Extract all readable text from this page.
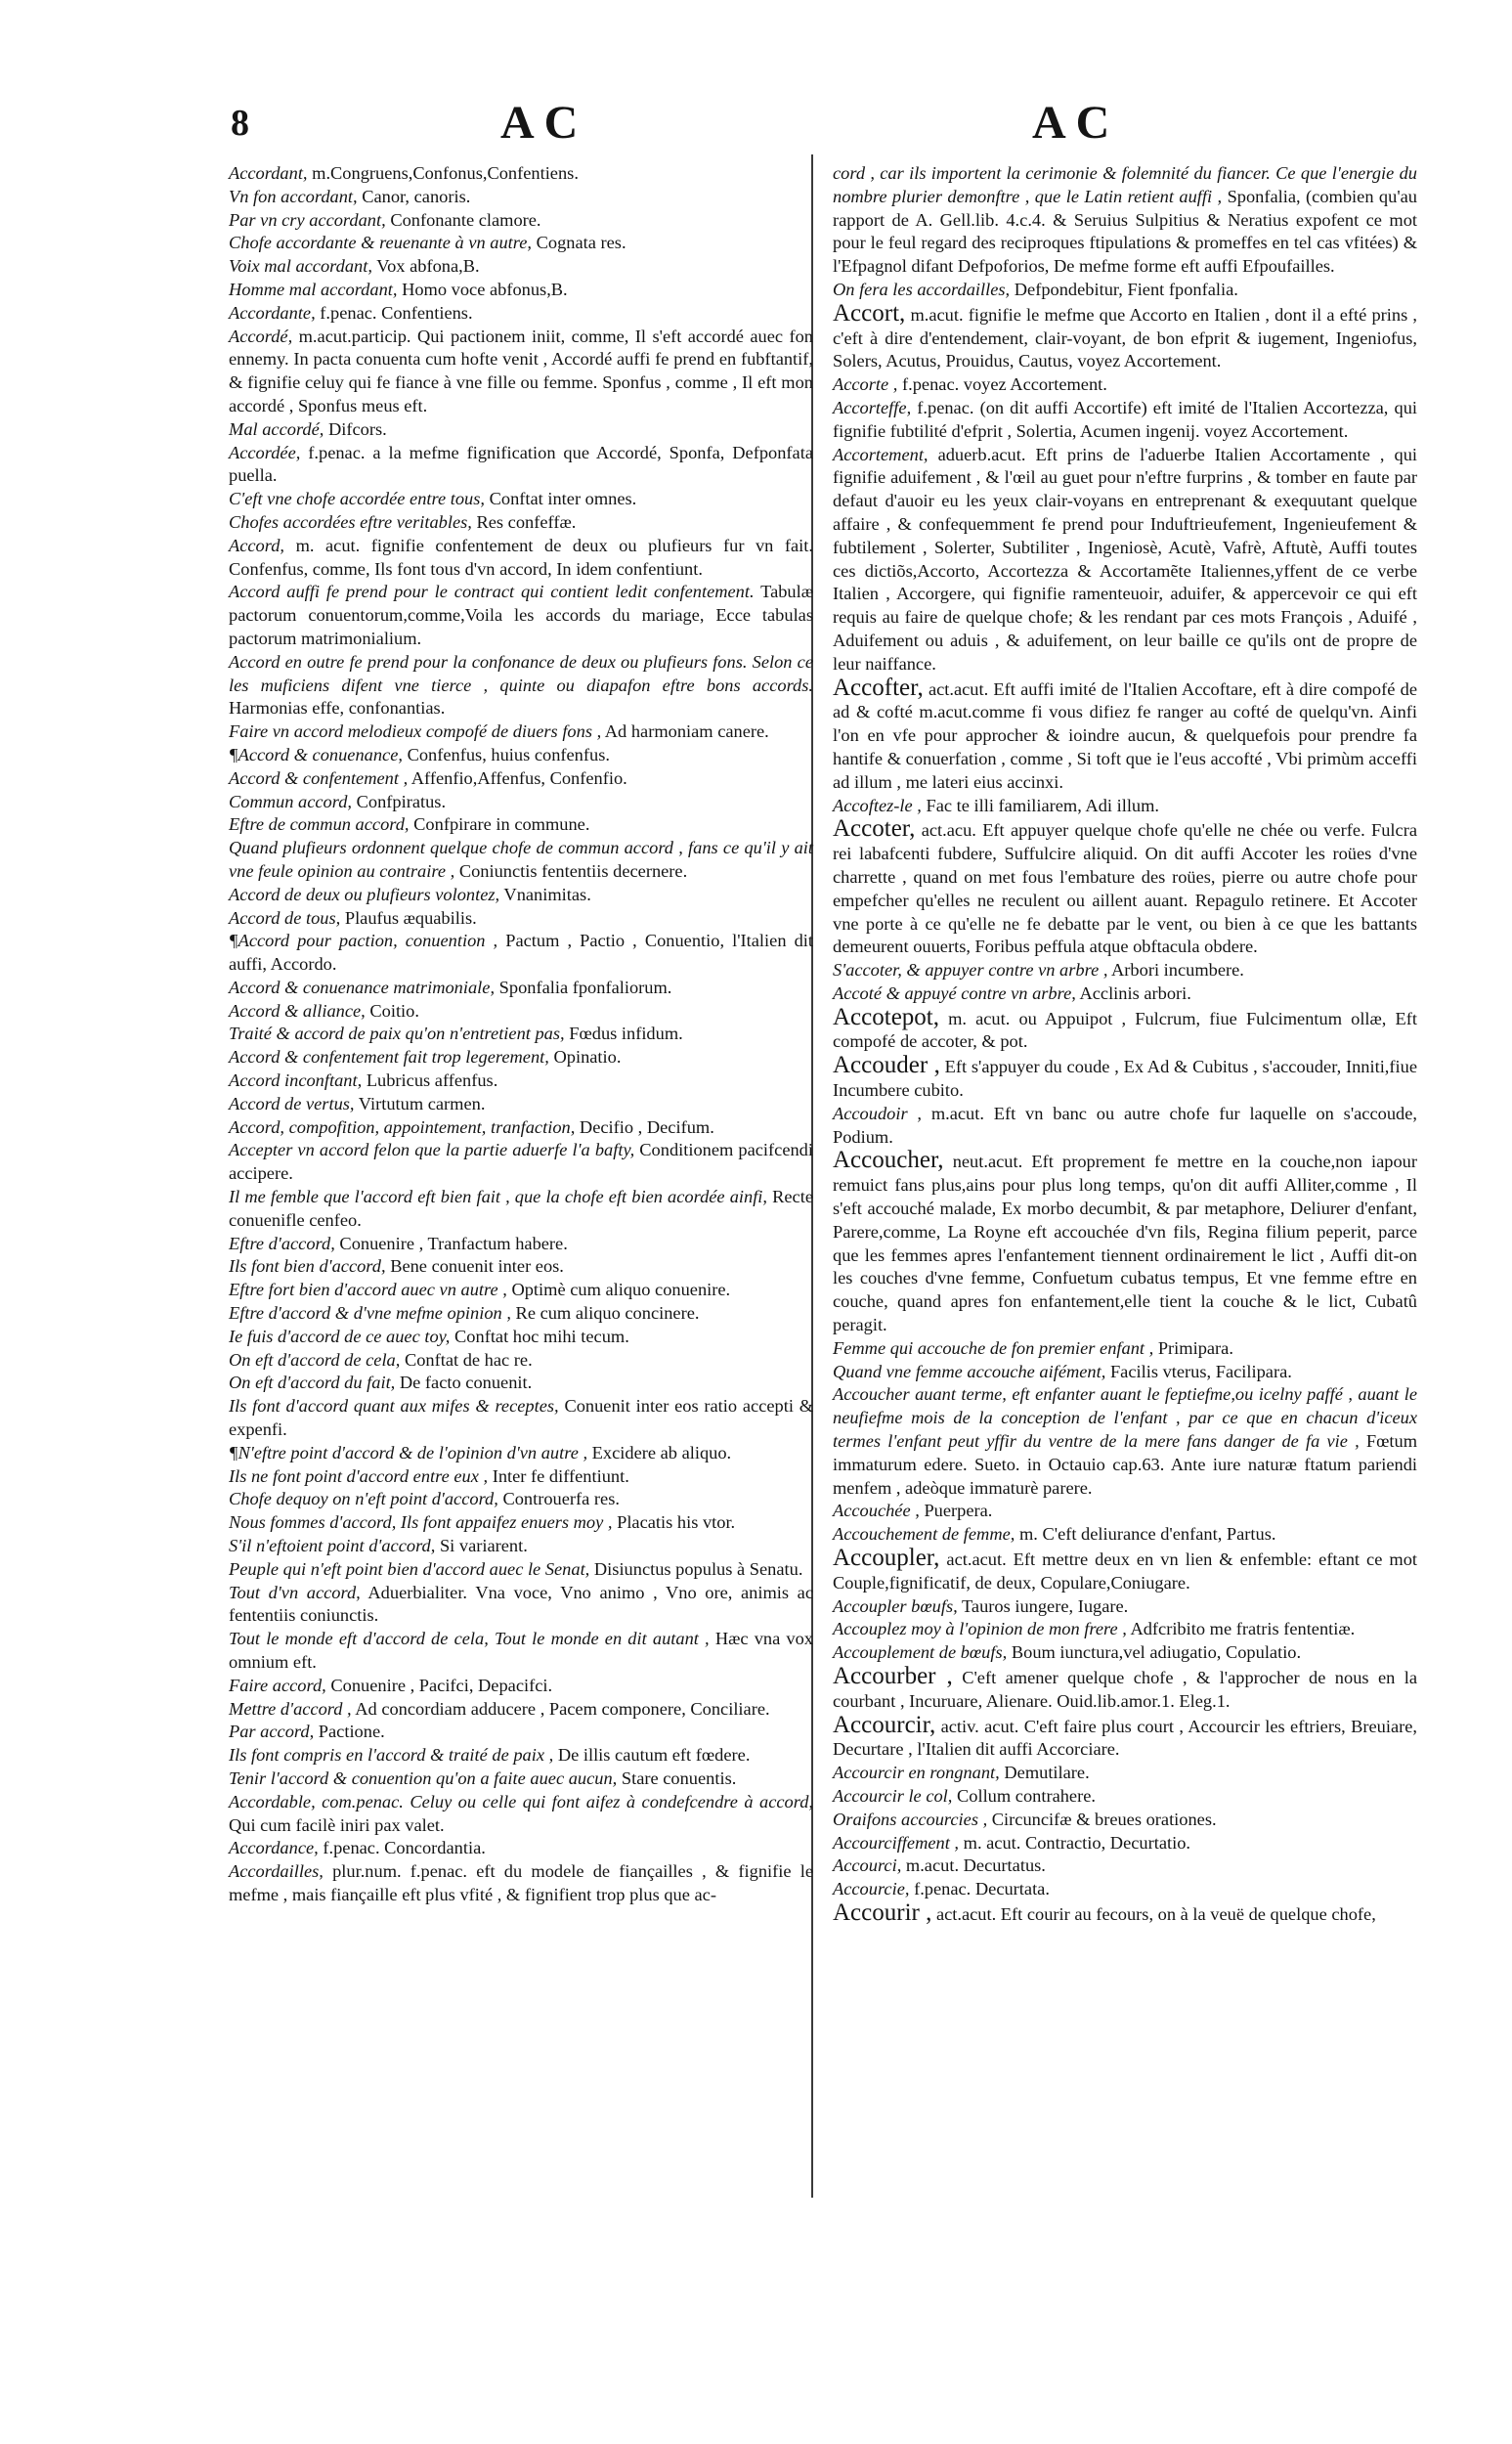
8	AC	AC

Accordant, m.Congruens,Confonus,Confentiens.

Vn fon accordant, Canor, canoris.

Par vn cry accordant, Confonante clamore.

Chofe accordante & reuenante à vn autre, Cognata res.

Voix mal accordant, Vox abfona,B.

Homme mal accordant, Homo voce abfonus,B.

Accordante, f.penac. Confentiens.

Accordé, m.acut.particip. Qui pactionem iniit, comme, Il s'eft accordé auec fon ennemy. In pacta conuenta cum hofte venit , Accordé auffi fe prend en fubftantif, & fignifie celuy qui fe fiance à vne fille ou femme. Sponfus , comme , Il eft mon accordé , Sponfus meus eft.

Mal accordé, Difcors.

Accordée, f.penac. a la mefme fignification que Accordé, Sponfa, Defponfata puella.

C'eft vne chofe accordée entre tous, Conftat inter omnes.

Chofes accordées eftre veritables, Res confeffæ.

Accord, m. acut. fignifie confentement de deux ou plufieurs fur vn fait. Confenfus, comme, Ils font tous d'vn accord, In idem confentiunt.

Accord auffi fe prend pour le contract qui contient ledit confentement. Tabulæ pactorum conuentorum,comme,Voila les accords du mariage, Ecce tabulas pactorum matrimonialium.

Accord en outre fe prend pour la confonance de deux ou plufieurs fons. Selon ce les muficiens difent vne tierce , quinte ou diapafon eftre bons accords. Harmonias effe, confonantias.

Faire vn accord melodieux compofé de diuers fons , Ad harmoniam canere.

¶Accord & conuenance, Confenfus, huius confenfus.

Accord & confentement , Affenfio,Affenfus, Confenfio.

Commun accord, Confpiratus.

Eftre de commun accord, Confpirare in commune.

Quand plufieurs ordonnent quelque chofe de commun accord , fans ce qu'il y ait vne feule opinion au contraire , Coniunctis fententiis decernere.

Accord de deux ou plufieurs volontez, Vnanimitas.

Accord de tous, Plaufus æquabilis.

¶Accord pour paction, conuention , Pactum , Pactio , Conuentio, l'Italien dit auffi, Accordo.

Accord & conuenance matrimoniale, Sponfalia fponfaliorum.

Accord & alliance, Coitio.

Traité & accord de paix qu'on n'entretient pas, Fœdus infidum.

Accord & confentement fait trop legerement, Opinatio.

Accord inconftant, Lubricus affenfus.

Accord de vertus, Virtutum carmen.

Accord, compofition, appointement, tranfaction, Decifio , Decifum.

Accepter vn accord felon que la partie aduerfe l'a bafty, Conditionem pacifcendi accipere.

Il me femble que l'accord eft bien fait , que la chofe eft bien acordée ainfi, Recte conuenifle cenfeo.

Eftre d'accord, Conuenire , Tranfactum habere.

Ils font bien d'accord, Bene conuenit inter eos.

Eftre fort bien d'accord auec vn autre , Optimè cum aliquo conuenire.

Eftre d'accord & d'vne mefme opinion , Re cum aliquo concinere.

Ie fuis d'accord de ce auec toy, Conftat hoc mihi tecum.

On eft d'accord de cela, Conftat de hac re.

On eft d'accord du fait, De facto conuenit.

Ils font d'accord quant aux mifes & receptes, Conuenit inter eos ratio accepti & expenfi.

¶N'eftre point d'accord & de l'opinion d'vn autre , Excidere ab aliquo.

Ils ne font point d'accord entre eux , Inter fe diffentiunt.

Chofe dequoy on n'eft point d'accord, Controuerfa res.

Nous fommes d'accord, Ils font appaifez enuers moy , Placatis his vtor.

S'il n'eftoient point d'accord, Si variarent.

Peuple qui n'eft point bien d'accord auec le Senat, Disiunctus populus à Senatu.

Tout d'vn accord, Aduerbialiter. Vna voce, Vno animo , Vno ore, animis ac fententiis coniunctis.

Tout le monde eft d'accord de cela, Tout le monde en dit autant , Hæc vna vox omnium eft.

Faire accord, Conuenire , Pacifci, Depacifci.

Mettre d'accord , Ad concordiam adducere , Pacem componere, Conciliare.

Par accord, Pactione.

Ils font compris en l'accord & traité de paix , De illis cautum eft fœdere.

Tenir l'accord & conuention qu'on a faite auec aucun, Stare conuentis.

Accordable, com.penac. Celuy ou celle qui font aifez à condefcendre à accord, Qui cum facilè iniri pax valet.

Accordance, f.penac. Concordantia.

Accordailles, plur.num. f.penac. eft du modele de fiançailles , & fignifie le mefme , mais fiançaille eft plus vfité , & fignifient trop plus que ac-

cord , car ils importent la cerimonie & folemnité du fiancer. Ce que l'energie du nombre plurier demonftre , que le Latin retient auffi , Sponfalia, (combien qu'au rapport de A. Gell.lib. 4.c.4. & Seruius Sulpitius & Neratius expofent ce mot pour le feul regard des reciproques ftipulations & promeffes en tel cas vfitées) & l'Efpagnol difant Defpoforios, De mefme forme eft auffi Efpoufailles.

On fera les accordailles, Defpondebitur, Fient fponfalia.

Accort, m.acut. fignifie le mefme que Accorto en Italien , dont il a efté prins , c'eft à dire d'entendement, clair-voyant, de bon efprit & iugement, Ingeniofus, Solers, Acutus, Prouidus, Cautus, voyez Accortement.

Accorte , f.penac. voyez Accortement.

Accorteffe, f.penac. (on dit auffi Accortife) eft imité de l'Italien Accortezza, qui fignifie fubtilité d'efprit , Solertia, Acumen ingenij. voyez Accortement.

Accortement, aduerb.acut. Eft prins de l'aduerbe Italien Accortamente , qui fignifie aduifement , & l'œil au guet pour n'eftre furprins , & tomber en faute par defaut d'auoir eu les yeux clair-voyans en entreprenant & exequutant quelque affaire , & confequemment fe prend pour Induftrieufement, Ingenieufement & fubtilement , Solerter, Subtiliter , Ingeniosè, Acutè, Vafrè, Aftutè, Auffi toutes ces dictiõs,Accorto, Accortezza & Accortamẽte Italiennes,yffent de ce verbe Italien , Accorgere, qui fignifie ramenteuoir, aduifer, & appercevoir ce qui eft requis au faire de quelque chofe; & les rendant par ces mots François , Aduifé , Aduifement ou aduis , & aduifement, on leur baille ce qu'ils ont de propre de leur naiffance.

Accofter, act.acut. Eft auffi imité de l'Italien Accoftare, eft à dire compofé de ad & cofté m.acut.comme fi vous difiez fe ranger au cofté de quelqu'vn. Ainfi l'on en vfe pour approcher & ioindre aucun, & quelquefois pour prendre fa hantife & conuerfation , comme , Si toft que ie l'eus accofté , Vbi primùm acceffi ad illum , me lateri eius accinxi.

Accoftez-le , Fac te illi familiarem, Adi illum.

Accoter, act.acu. Eft appuyer quelque chofe qu'elle ne chée ou verfe. Fulcra rei labafcenti fubdere, Suffulcire aliquid. On dit auffi Accoter les roües d'vne charrette , quand on met fous l'embature des roües, pierre ou autre chofe pour empefcher qu'elles ne reculent ou aillent auant. Repagulo retinere. Et Accoter vne porte à ce qu'elle ne fe debatte par le vent, ou bien à ce que les battants demeurent ouuerts, Foribus peffula atque obftacula obdere.

S'accoter, & appuyer contre vn arbre , Arbori incumbere.

Accoté & appuyé contre vn arbre, Acclinis arbori.

Accotepot, m. acut. ou Appuipot , Fulcrum, fiue Fulcimentum ollæ, Eft compofé de accoter, & pot.

Accouder , Eft s'appuyer du coude , Ex Ad & Cubitus , s'accouder, Inniti,fiue Incumbere cubito.

Accoudoir , m.acut. Eft vn banc ou autre chofe fur laquelle on s'accoude, Podium.

Accoucher, neut.acut. Eft proprement fe mettre en la couche,non iapour remuict fans plus,ains pour plus long temps, qu'on dit auffi Alliter,comme , Il s'eft accouché malade, Ex morbo decumbit, & par metaphore, Deliurer d'enfant, Parere,comme, La Royne eft accouchée d'vn fils, Regina filium peperit, parce que les femmes apres l'enfantement tiennent ordinairement le lict , Auffi dit-on les couches d'vne femme, Confuetum cubatus tempus, Et vne femme eftre en couche, quand apres fon enfantement,elle tient la couche & le lict, Cubatû peragit.

Femme qui accouche de fon premier enfant , Primipara.

Quand vne femme accouche aifément, Facilis vterus, Facilipara.

Accoucher auant terme, eft enfanter auant le feptiefme,ou icelny paffé , auant le neufiefme mois de la conception de l'enfant , par ce que en chacun d'iceux termes l'enfant peut yffir du ventre de la mere fans danger de fa vie , Fœtum immaturum edere. Sueto. in Octauio cap.63. Ante iure naturæ ftatum pariendi menfem , adeòque immaturè parere.

Accouchée , Puerpera.

Accouchement de femme, m. C'eft deliurance d'enfant, Partus.

Accoupler, act.acut. Eft mettre deux en vn lien & enfemble: eftant ce mot Couple,fignificatif, de deux, Copulare,Coniugare.

Accoupler bœufs, Tauros iungere, Iugare.

Accouplez moy à l'opinion de mon frere , Adfcribito me fratris fententiæ.

Accouplement de bœufs, Boum iunctura,vel adiugatio, Copulatio.

Accourber , C'eft amener quelque chofe , & l'approcher de nous en la courbant , Incuruare, Alienare. Ouid.lib.amor.1. Eleg.1.

Accourcir, activ. acut. C'eft faire plus court , Accourcir les eftriers, Breuiare, Decurtare , l'Italien dit auffi Accorciare.

Accourcir en rongnant, Demutilare.

Accourcir le col, Collum contrahere.

Oraifons accourcies , Circuncifæ & breues orationes.

Accourciffement , m. acut. Contractio, Decurtatio.

Accourci, m.acut. Decurtatus.

Accourcie, f.penac. Decurtata.

Accourir , act.acut. Eft courir au fecours, on à la veuë de quelque chofe,
